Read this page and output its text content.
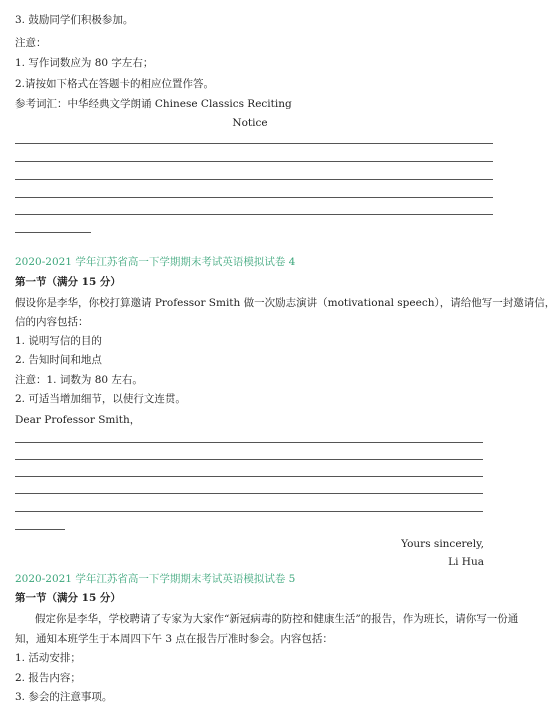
3. 鼓励同学们积极参加。
注意：
1. 写作词数应为 80 字左右；
2.请按如下格式在答题卡的相应位置作答。
参考词汇：中华经典文学朗诵 Chinese Classics Reciting
Notice
2020-2021 学年江苏省高一下学期期末考试英语模拟试卷 4
第一节（满分 15 分）
假设你是李华，你校打算邀请 Professor Smith 做一次励志演讲（motivational speech），请给他写一封邀请信，
信的内容包括：
1. 说明写信的目的
2. 告知时间和地点
注意：1. 词数为 80 左右。
2. 可适当增加细节，以使行文连贯。
Dear Professor Smith，
Yours sincerely,
Li Hua
2020-2021 学年江苏省高一下学期期末考试英语模拟试卷 5
第一节（满分 15 分）
假定你是李华，学校聘请了专家为大家作“新冠病毒的防控和健康生活”的报告，作为班长，请你写一份通
知，通知本班学生于本周四下午 3 点在报告厅准时参会。内容包括：
1. 活动安排；
2. 报告内容；
3. 参会的注意事项。
